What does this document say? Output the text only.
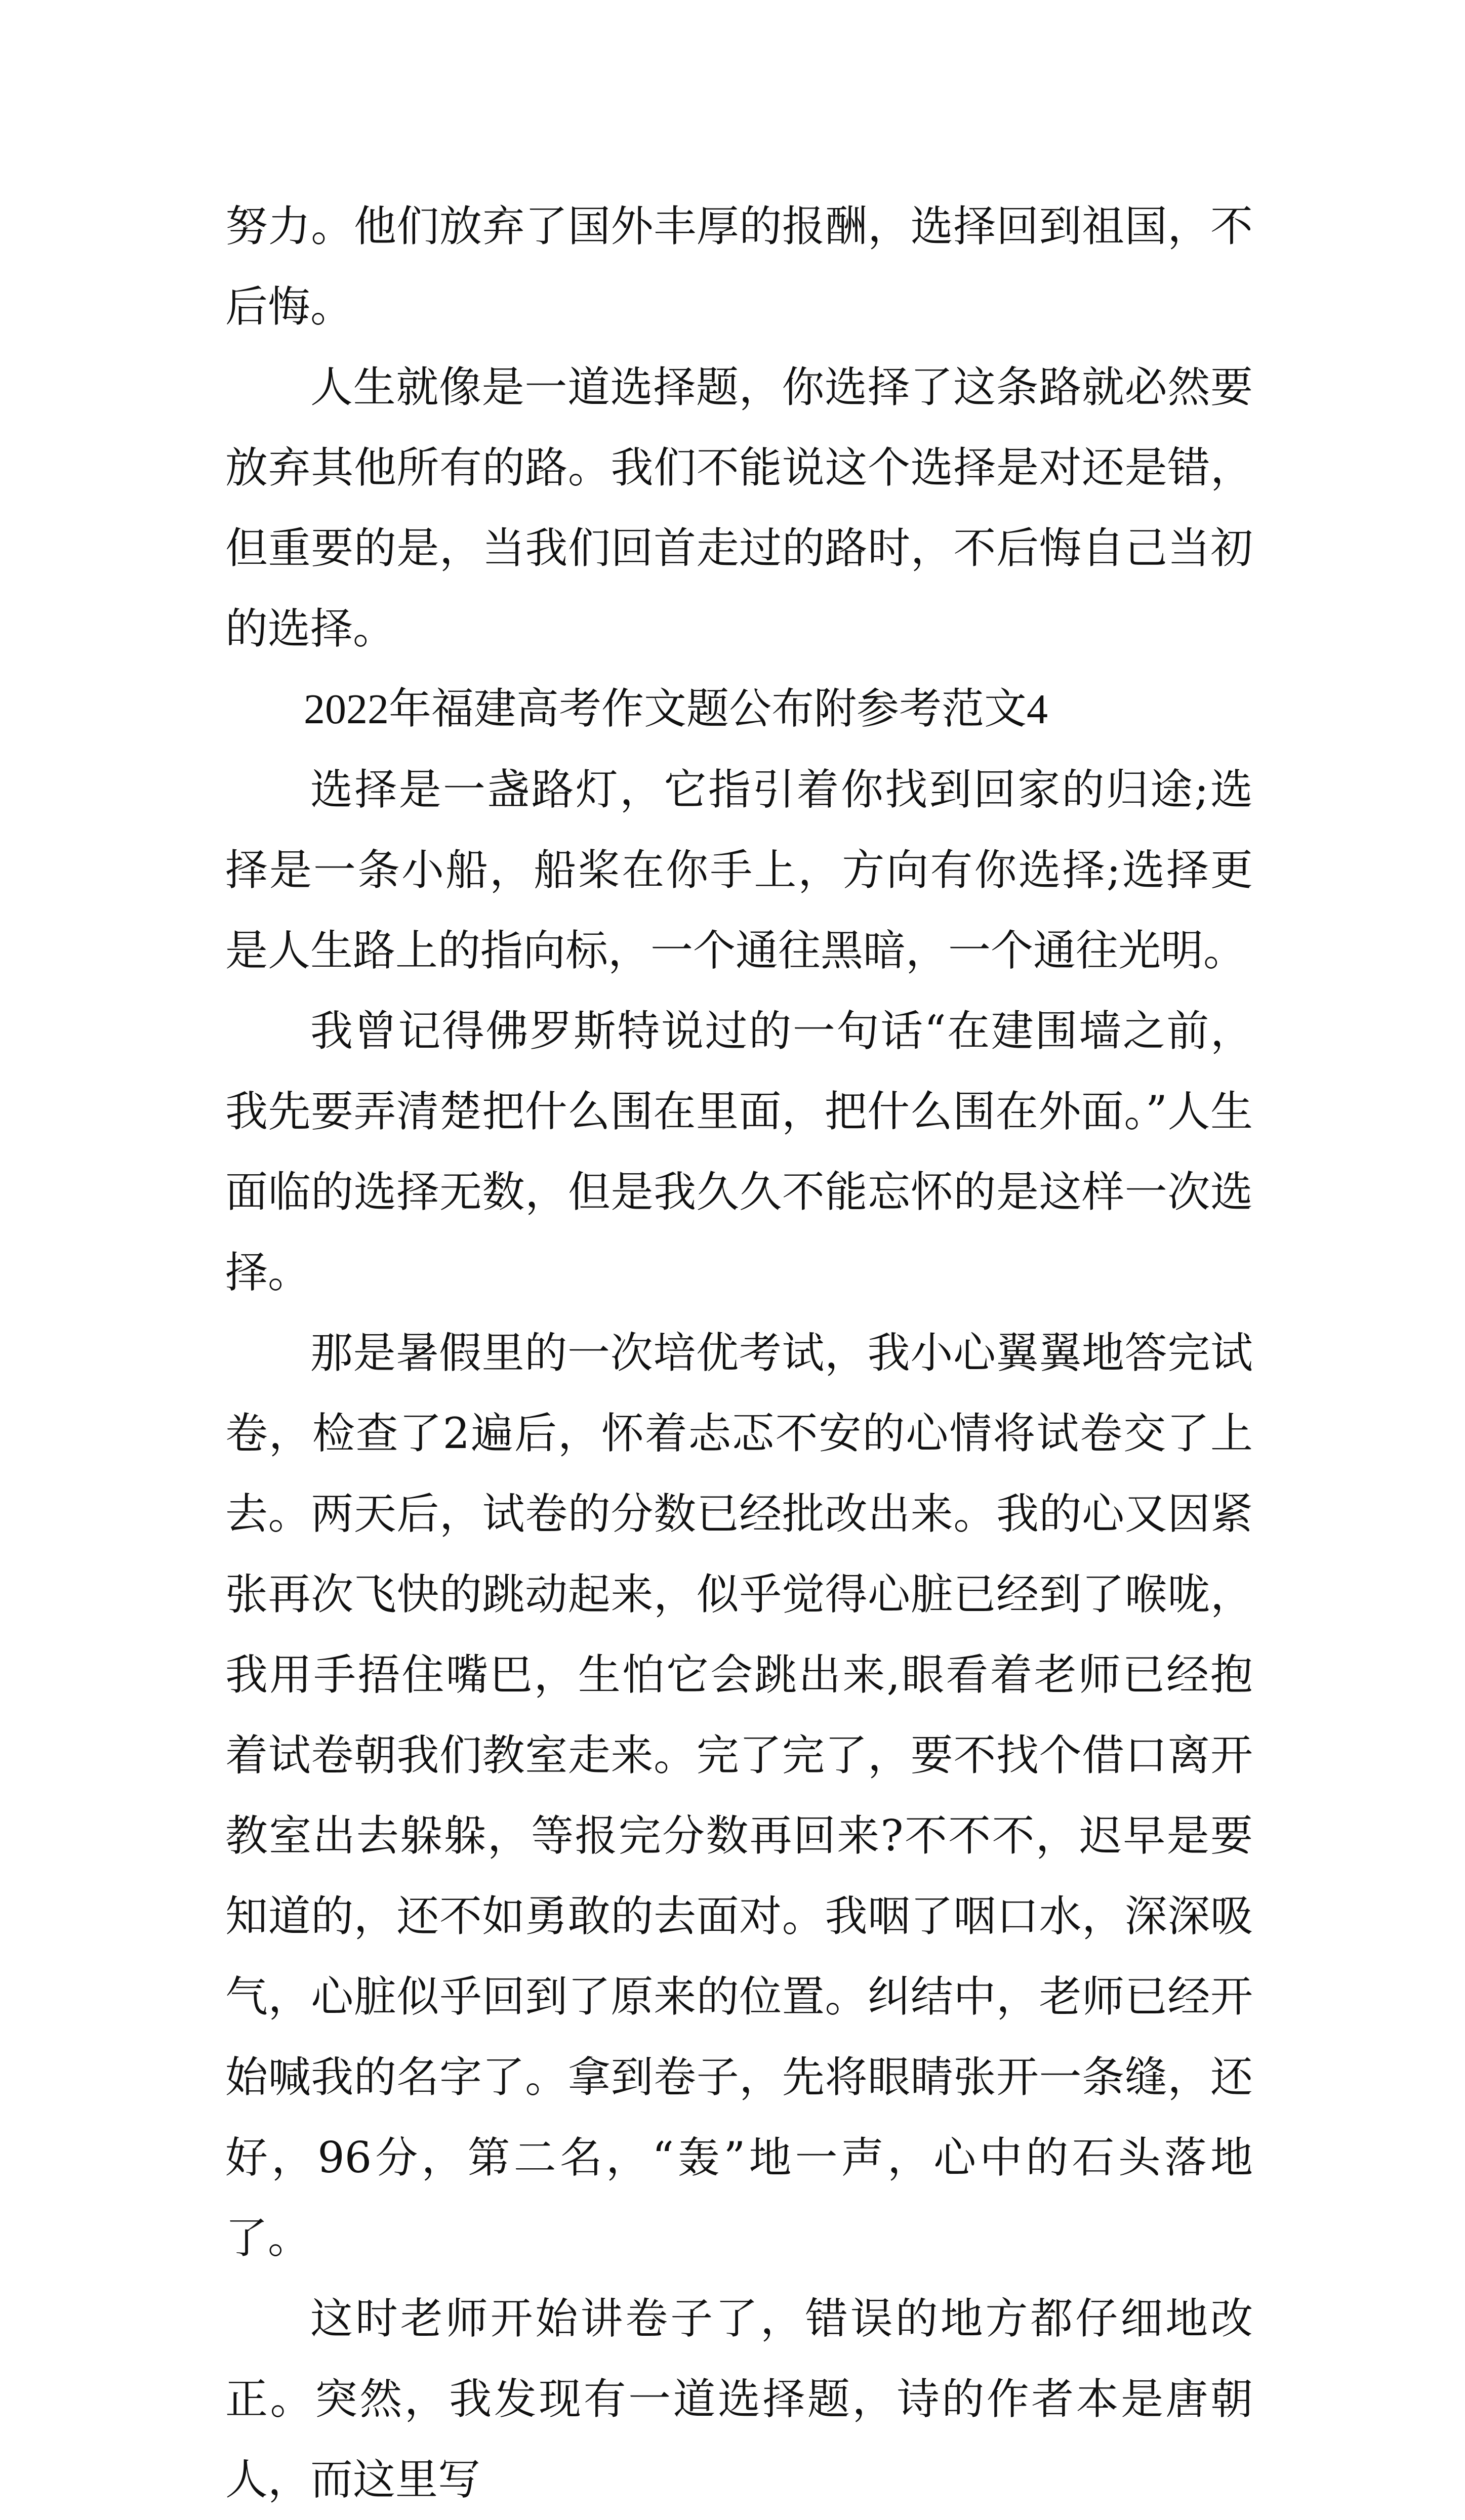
努力。他们放弃了国外丰厚的报酬，选择回到祖国，不后悔。

人生就像是一道选择题，你选择了这条路就必然要放弃其他所有的路。我们不能说这个选择是对还是错，但重要的是，当我们回首走过的路时，不后悔自己当初的选择。

2022年福建高考作文题公布附参考范文4

选择是一盏路灯，它指引着你找到回家的归途;选择是一条小船，船桨在你手上，方向有你选择;选择更是人生路上的指向标，一个通往黑暗，一个通往光明。

我曾记得佛罗斯特说过的一句话“在建围墙之前，我先要弄清楚把什么围在里面，把什么围在外面。”人生面临的选择无数，但是我久久不能忘怀的是这样一次选择。

那是暑假里的一次培优考试，我小心翼翼地答完试卷，检查了2遍后，怀着忐忑不安的心情将试卷交了上去。两天后，试卷的分数已经批改出来。我的心又因紧张再次飞快的跳动起来，似乎觉得心脏已经到了喉咙，我用手捂住嘴巴，生怕它会跳出来,眼看着老师已经抱着试卷朝我们教室走来。完了完了，要不找个借口离开教室出去躲躲，等报完分数再回来?不不不，迟早是要知道的，还不如勇敢的去面对。我咽了咽口水，深深吸气，心脏似乎回到了原来的位置。纠结中，老师已经开始喊我的名字了。拿到卷子，先将眼睛张开一条缝，还好，96分，第二名，“轰”地一声，心中的石头落地了。

这时老师开始讲卷子了，错误的地方都仔细地改正。突然，我发现有一道选择题，诗的作者本是唐朝人，而这里写
